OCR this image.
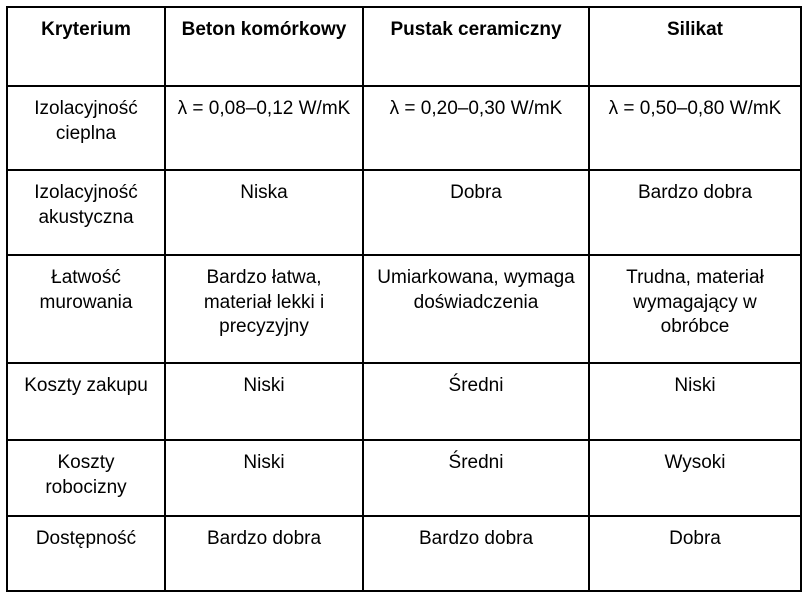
Kryterium	Beton komórkowy	Pustak ceramiczny	Silikat
Izolacyjność cieplna	λ = 0,08–0,12 W/mK	λ = 0,20–0,30 W/mK	λ = 0,50–0,80 W/mK
Izolacyjność akustyczna	Niska	Dobra	Bardzo dobra
Łatwość murowania	Bardzo łatwa, materiał lekki i precyzyjny	Umiarkowana, wymaga doświadczenia	Trudna, materiał wymagający w obróbce
Koszty zakupu	Niski	Średni	Niski
Koszty robocizny	Niski	Średni	Wysoki
Dostępność	Bardzo dobra	Bardzo dobra	Dobra
